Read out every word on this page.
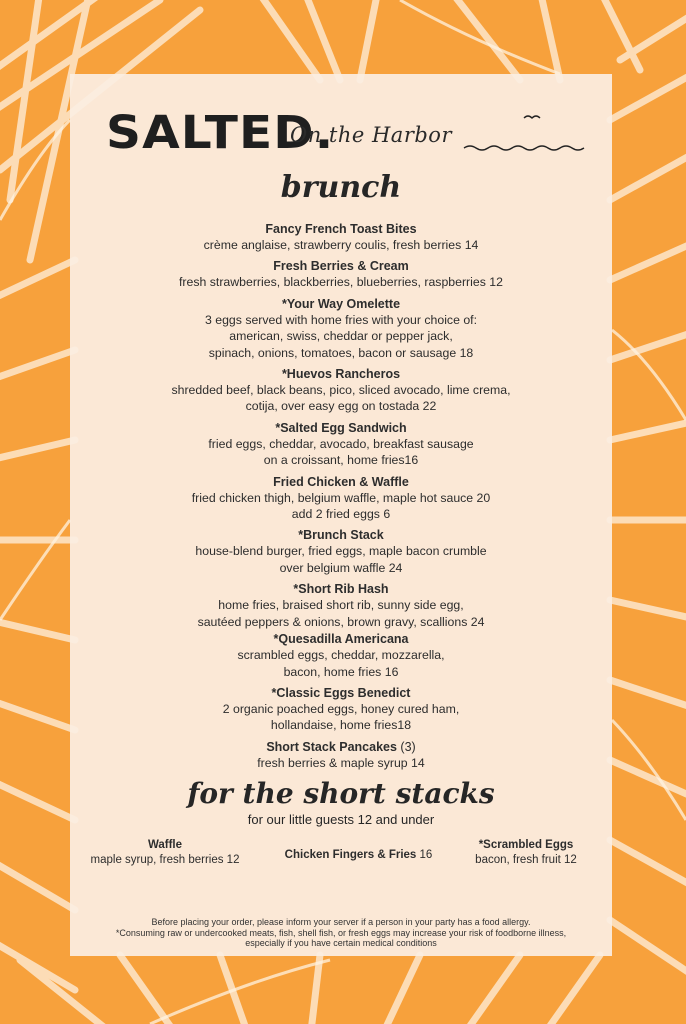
SALTED.
On the Harbor
brunch
Fancy French Toast Bites
crème anglaise, strawberry coulis, fresh berries 14
Fresh Berries & Cream
fresh strawberries, blackberries, blueberries, raspberries 12
*Your Way Omelette
3 eggs served with home fries with your choice of:
american, swiss, cheddar or pepper jack,
spinach, onions, tomatoes, bacon or sausage 18
*Huevos Rancheros
shredded beef, black beans, pico, sliced avocado, lime crema,
cotija, over easy egg on tostada 22
*Salted Egg Sandwich
fried eggs, cheddar, avocado, breakfast sausage
on a croissant, home fries16
Fried Chicken & Waffle
fried chicken thigh, belgium waffle, maple hot sauce 20
add 2 fried eggs 6
*Brunch Stack
house-blend burger, fried eggs, maple bacon crumble
over belgium waffle 24
*Short Rib Hash
home fries, braised short rib, sunny side egg,
sautéed peppers & onions, brown gravy, scallions 24
*Quesadilla Americana
scrambled eggs, cheddar, mozzarella,
bacon, home fries 16
*Classic Eggs Benedict
2 organic poached eggs, honey cured ham,
hollandaise, home fries18
Short Stack Pancakes (3)
fresh berries & maple syrup 14
for the short stacks
for our little guests 12 and under
Waffle
maple syrup, fresh berries 12	Chicken Fingers & Fries 16
*Scrambled Eggs
bacon, fresh fruit 12
Before placing your order, please inform your server if a person in your party has a food allergy.
*Consuming raw or undercooked meats, fish, shell fish, or fresh eggs may increase your risk of foodborne illness,
especially if you have certain medical conditions
